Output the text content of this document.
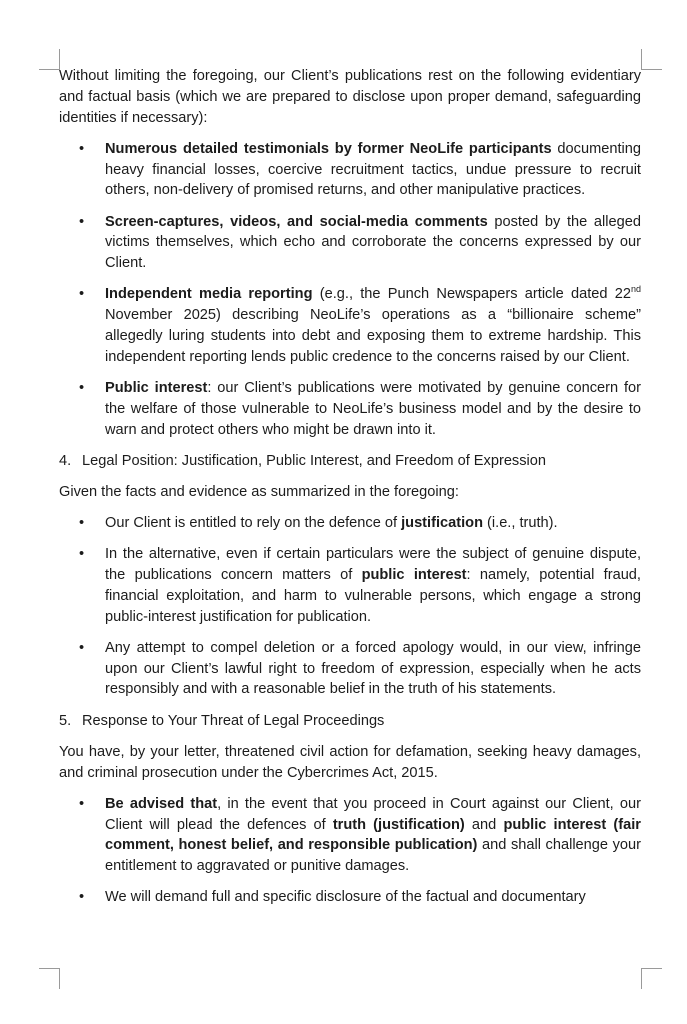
Without limiting the foregoing, our Client’s publications rest on the following evidentiary and factual basis (which we are prepared to disclose upon proper demand, safeguarding identities if necessary):

• Numerous detailed testimonials by former NeoLife participants documenting heavy financial losses, coercive recruitment tactics, undue pressure to recruit others, non-delivery of promised returns, and other manipulative practices.
• Screen-captures, videos, and social-media comments posted by the alleged victims themselves, which echo and corroborate the concerns expressed by our Client.
• Independent media reporting (e.g., the Punch Newspapers article dated 22nd November 2025) describing NeoLife’s operations as a “billionaire scheme” allegedly luring students into debt and exposing them to extreme hardship. This independent reporting lends public credence to the concerns raised by our Client.
• Public interest: our Client’s publications were motivated by genuine concern for the welfare of those vulnerable to NeoLife’s business model and by the desire to warn and protect others who might be drawn into it.
4. Legal Position: Justification, Public Interest, and Freedom of Expression

Given the facts and evidence as summarized in the foregoing:

• Our Client is entitled to rely on the defence of justification (i.e., truth).
• In the alternative, even if certain particulars were the subject of genuine dispute, the publications concern matters of public interest: namely, potential fraud, financial exploitation, and harm to vulnerable persons, which engage a strong public-interest justification for publication.
• Any attempt to compel deletion or a forced apology would, in our view, infringe upon our Client’s lawful right to freedom of expression, especially when he acts responsibly and with a reasonable belief in the truth of his statements.
5. Response to Your Threat of Legal Proceedings

You have, by your letter, threatened civil action for defamation, seeking heavy damages, and criminal prosecution under the Cybercrimes Act, 2015.

• Be advised that, in the event that you proceed in Court against our Client, our Client will plead the defences of truth (justification) and public interest (fair comment, honest belief, and responsible publication) and shall challenge your entitlement to aggravated or punitive damages.
• We will demand full and specific disclosure of the factual and documentary
